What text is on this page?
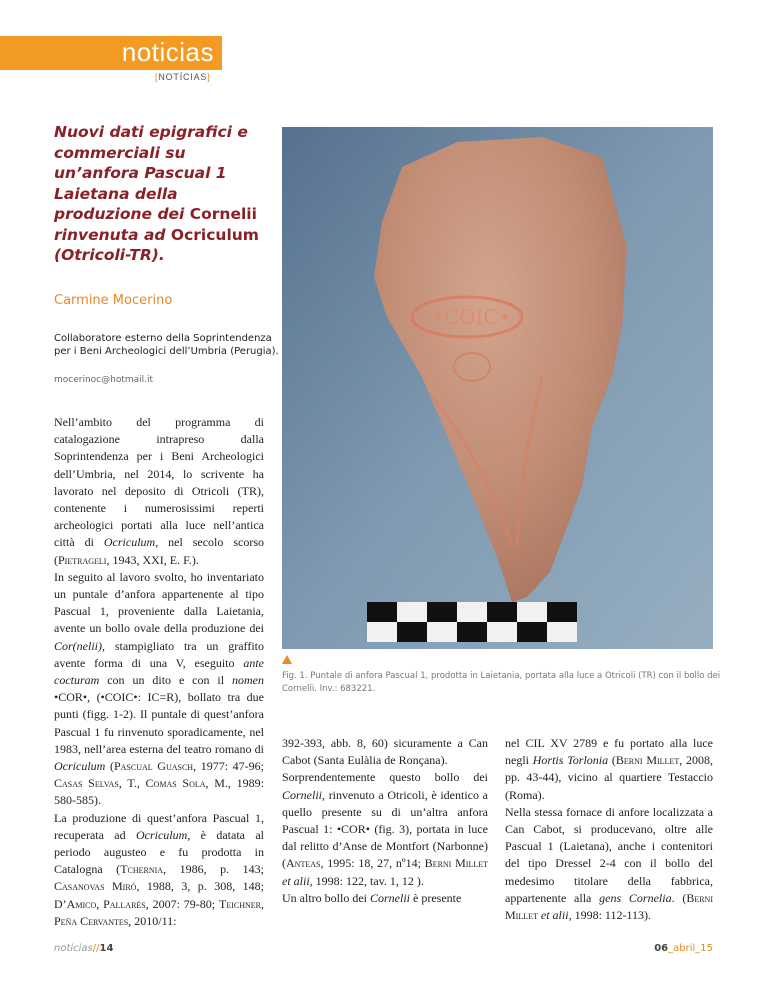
noticias
[NOTÍCIAS]
Nuovi dati epigrafici e commerciali su un’anfora Pascual 1 Laietana della produzione dei Cornelii rinvenuta ad Ocriculum (Otricoli-TR).
Carmine Mocerino
Collaboratore esterno della Soprintendenza per i Beni Archeologici dell’Umbria (Perugia).
mocerinoc@hotmail.it

Nell’ambito del programma di catalogazione intrapreso dalla Soprintendenza per i Beni Archeologici dell’Umbria, nel 2014, lo scrivente ha lavorato nel deposito di Otricoli (TR), contenente i numerosissimi reperti archeologici portati alla luce nell’antica città di Ocriculum, nel secolo scorso (Pietrageli, 1943, XXI, E. F.).

In seguito al lavoro svolto, ho inventariato un puntale d’anfora appartenente al tipo Pascual 1, proveniente dalla Laietania, avente un bollo ovale della produzione dei Cor(nelii), stampigliato tra un graffito avente forma di una V, eseguito ante cocturam con un dito e con il nomen •COR•, (•COIC•: IC=R), bollato tra due punti (figg. 1-2). Il puntale di quest’anfora Pascual 1 fu rinvenuto sporadicamente, nel 1983, nell’area esterna del teatro romano di Ocriculum (Pascual Guasch, 1977: 47-96; Casas Selvas, T., Comas Sola, M., 1989: 580-585).

La produzione di quest’anfora Pascual 1, recuperata ad Ocriculum, è datata al periodo augusteo e fu prodotta in Catalogna (Tchernia, 1986, p. 143; Casanovas Miró, 1988, 3, p. 308, 148; D’Amico, Pallarés, 2007: 79-80; Teichner, Peña Cervantes, 2010/11:

•COIC•
Fig. 1. Puntale di anfora Pascual 1, prodotta in Laietania, portata alla luce a Otricoli (TR) con il bollo dei Cornelii. Inv.: 683221.

392-393, abb. 8, 60) sicuramente a Can Cabot (Santa Eulàlia de Ronçana).

Sorprendentemente questo bollo dei Cornelii, rinvenuto a Otricoli, è identico a quello presente su di un’altra anfora Pascual 1: •COR• (fig. 3), portata in luce dal relitto d’Anse de Montfort (Narbonne) (Anteas, 1995: 18, 27, nº14; Berni Millet et alii, 1998: 122, tav. 1, 12 ).

Un altro bollo dei Cornelii è presente

nel CIL XV 2789 e fu portato alla luce negli Hortis Torlonia (Berni Millet, 2008, pp. 43-44), vicino al quartiere Testaccio (Roma).

Nella stessa fornace di anfore localizzata a Can Cabot, si producevano, oltre alle Pascual 1 (Laietana), anche i contenitori del tipo Dressel 2-4 con il bollo del medesimo titolare della fabbrica, appartenente alla gens Cornelia. (Berni Millet et alii, 1998: 112-113).

noticias//14	06_abril_15
